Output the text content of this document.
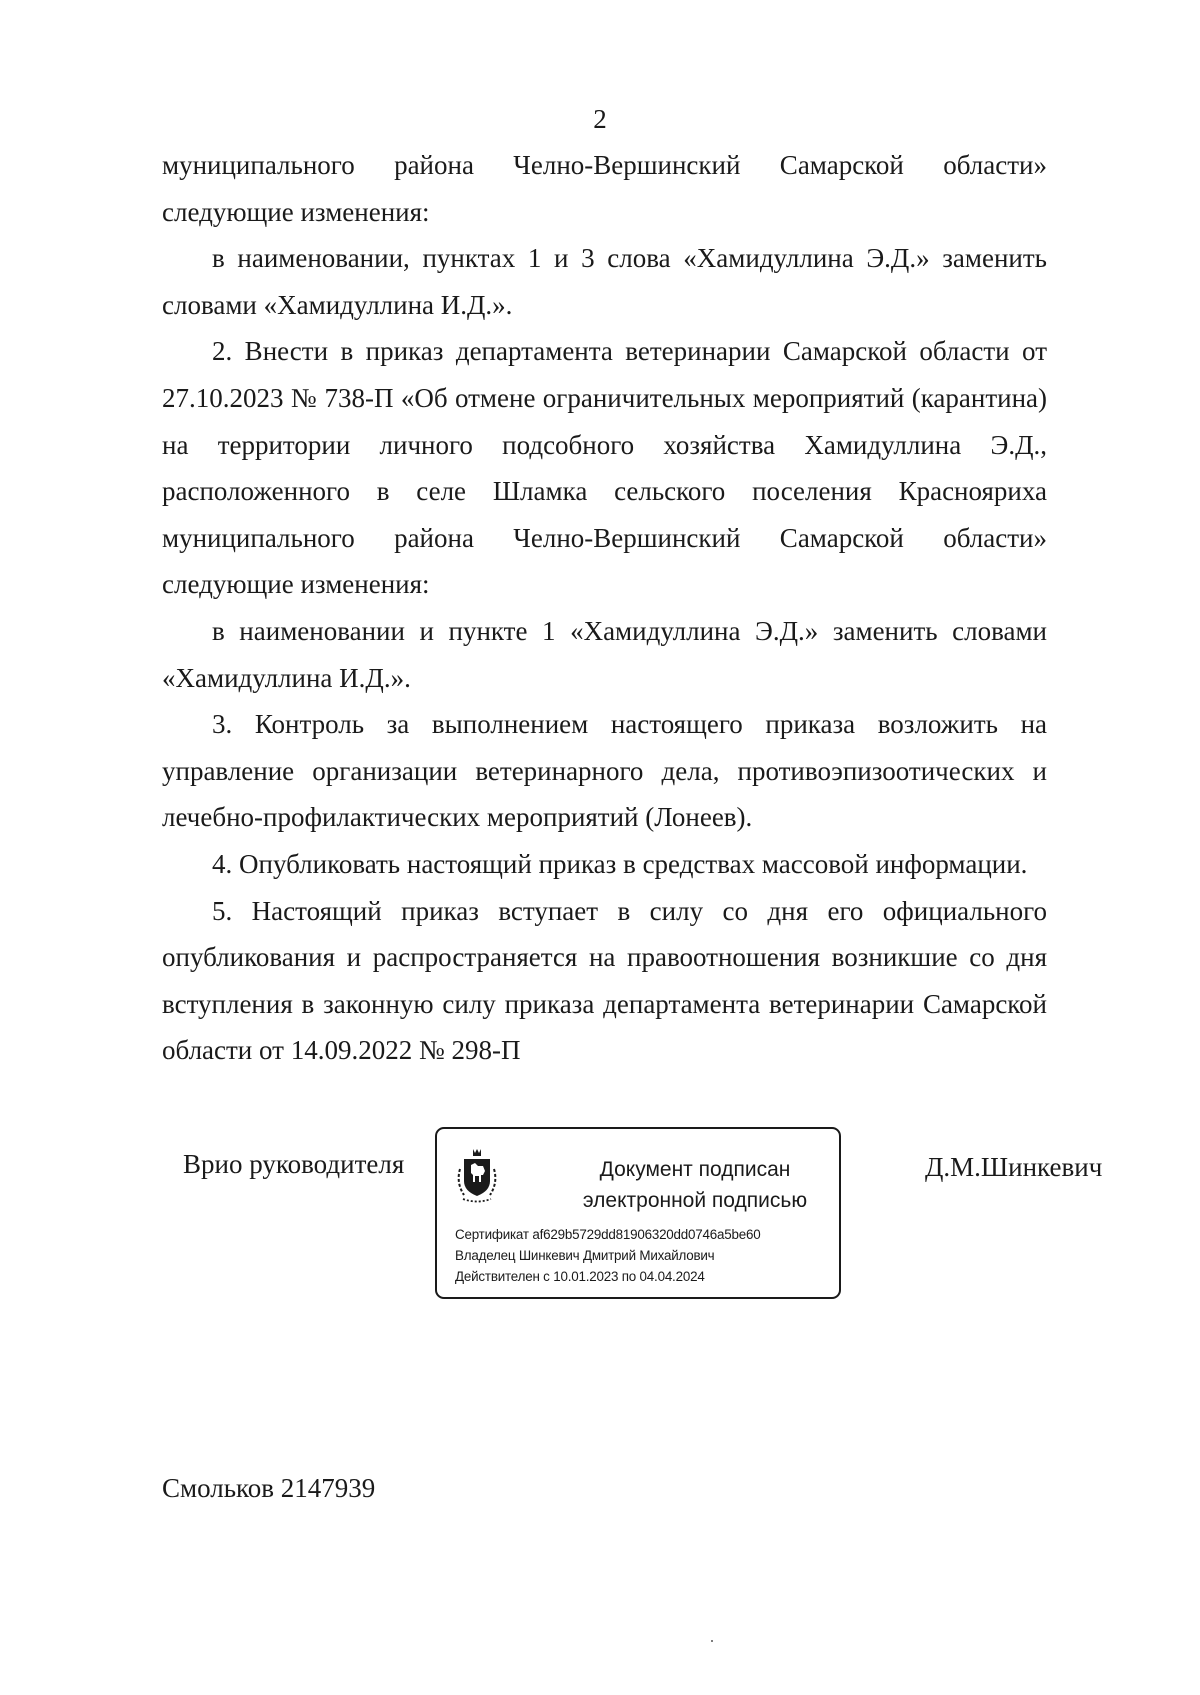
2

муниципального района Челно-Вершинский Самарской области» следующие изменения:

в наименовании, пунктах 1 и 3 слова «Хамидуллина Э.Д.» заменить словами «Хамидуллина И.Д.».

2. Внести в приказ департамента ветеринарии Самарской области от 27.10.2023 № 738-П «Об отмене ограничительных мероприятий (карантина) на территории личного подсобного хозяйства Хамидуллина Э.Д., расположенного в селе Шламка сельского поселения Краснояриха муниципального района Челно-Вершинский Самарской области» следующие изменения:

в наименовании и пункте 1 «Хамидуллина Э.Д.» заменить словами «Хамидуллина И.Д.».

3. Контроль за выполнением настоящего приказа возложить на управление организации ветеринарного дела, противоэпизоотических и лечебно-профилактических мероприятий (Лонеев).

4. Опубликовать настоящий приказ в средствах массовой информации.

5. Настоящий приказ вступает в силу со дня его официального опубликования и распространяется на правоотношения возникшие со дня вступления в законную силу приказа департамента ветеринарии Самарской области от 14.09.2022 № 298-П

Врио руководителя	Документ подписан
электронной подписью
Сертификат af629b5729dd81906320dd0746a5be60
Владелец Шинкевич Дмитрий Михайлович
Действителен с 10.01.2023 по 04.04.2024
Д.М.Шинкевич
Смольков 2147939
